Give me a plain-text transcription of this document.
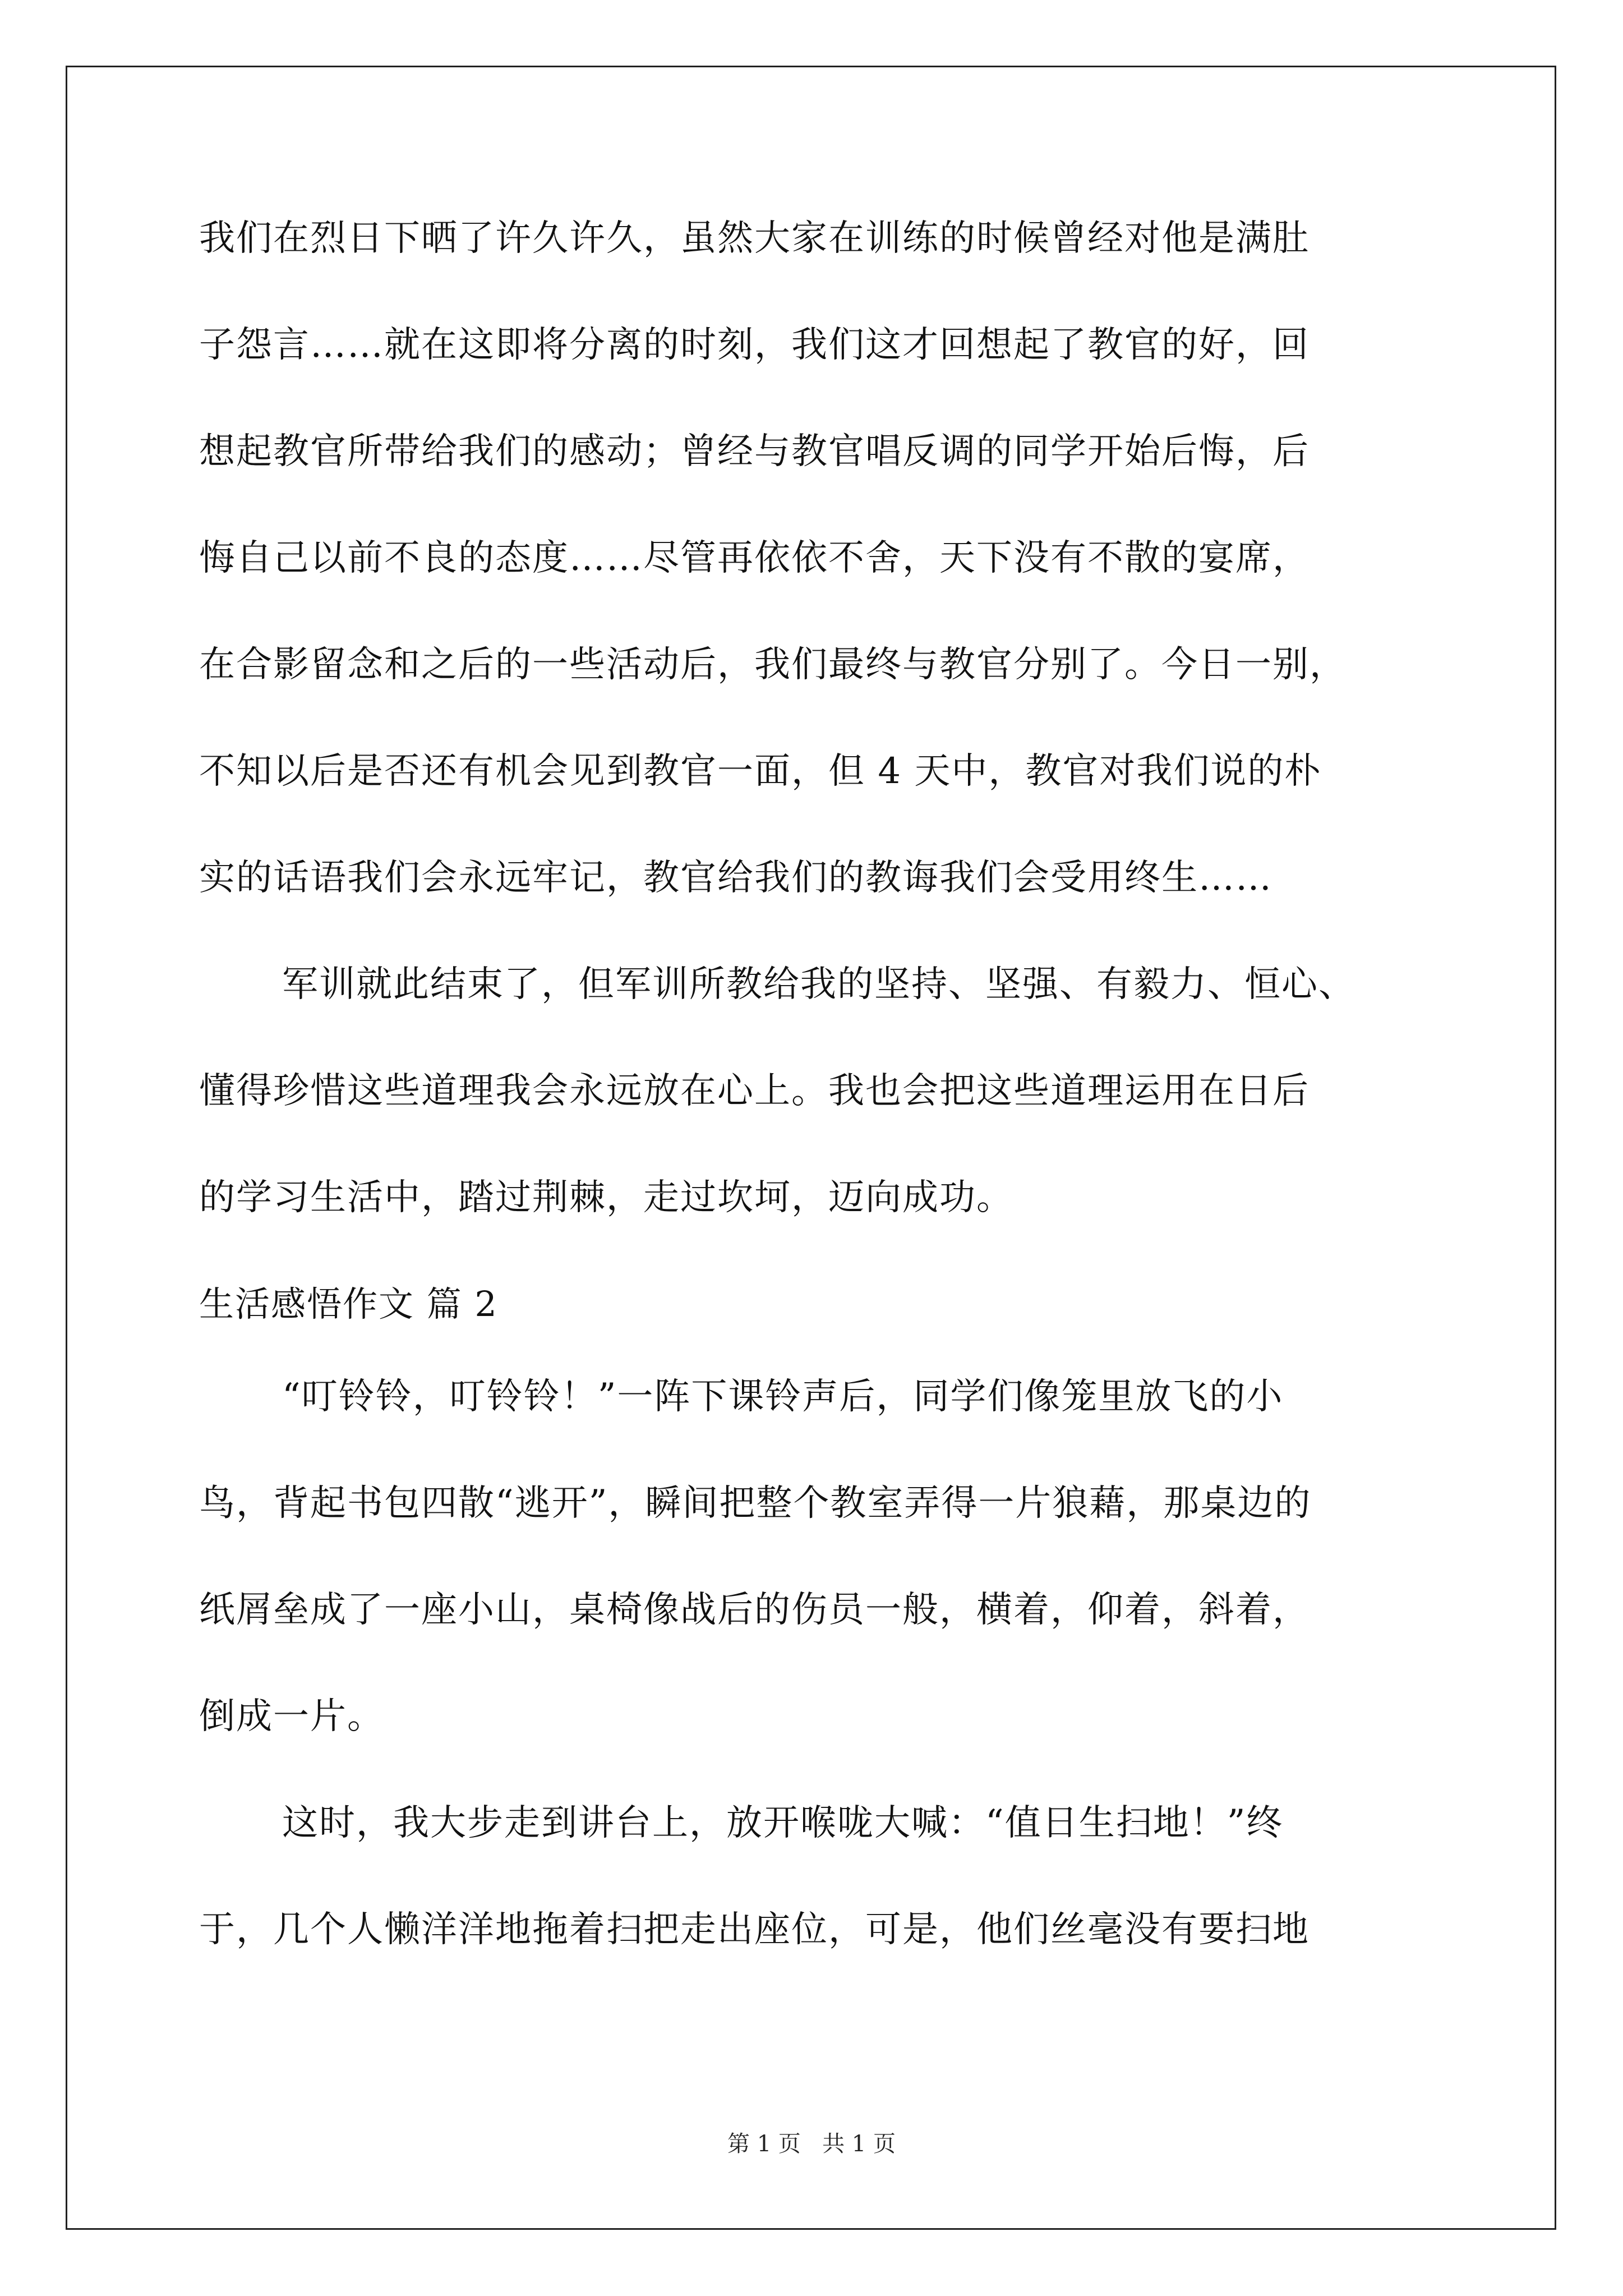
我们在烈日下晒了许久许久，虽然大家在训练的时候曾经对他是满肚
子怨言……就在这即将分离的时刻，我们这才回想起了教官的好，回
想起教官所带给我们的感动；曾经与教官唱反调的同学开始后悔，后
悔自己以前不良的态度……尽管再依依不舍，天下没有不散的宴席，
在合影留念和之后的一些活动后，我们最终与教官分别了。今日一别，
不知以后是否还有机会见到教官一面，但 4 天中，教官对我们说的朴
实的话语我们会永远牢记，教官给我们的教诲我们会受用终生……
军训就此结束了，但军训所教给我的坚持、坚强、有毅力、恒心、
懂得珍惜这些道理我会永远放在心上。我也会把这些道理运用在日后
的学习生活中，踏过荆棘，走过坎坷，迈向成功。
生活感悟作文 篇 2
“叮铃铃，叮铃铃！”一阵下课铃声后，同学们像笼里放飞的小
鸟，背起书包四散“逃开”，瞬间把整个教室弄得一片狼藉，那桌边的
纸屑垒成了一座小山，桌椅像战后的伤员一般，横着，仰着，斜着，
倒成一片。
这时，我大步走到讲台上，放开喉咙大喊：“值日生扫地！”终
于，几个人懒洋洋地拖着扫把走出座位，可是，他们丝毫没有要扫地
第 1 页   共 1 页
